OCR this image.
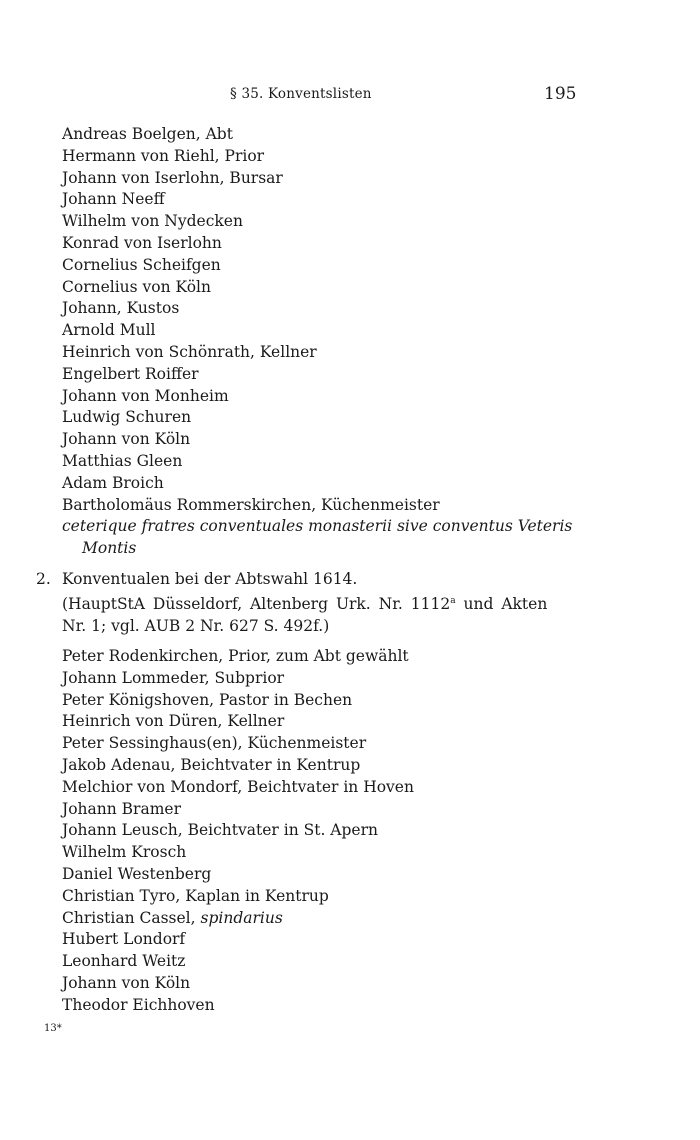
§ 35. Konventslisten	195
Andreas Boelgen, Abt
Hermann von Riehl, Prior
Johann von Iserlohn, Bursar
Johann Neeff
Wilhelm von Nydecken
Konrad von Iserlohn
Cornelius Scheifgen
Cornelius von Köln
Johann, Kustos
Arnold Mull
Heinrich von Schönrath, Kellner
Engelbert Roiffer
Johann von Monheim
Ludwig Schuren
Johann von Köln
Matthias Gleen
Adam Broich
Bartholomäus Rommerskirchen, Küchenmeister
ceterique fratres conventuales monasterii sive conventus Veteris
Montis
2. Konventualen bei der Abtswahl 1614.
(HauptStA Düsseldorf, Altenberg Urk. Nr. 1112$^a$ und Akten
Nr. 1; vgl. AUB 2 Nr. 627 S. 492f.)
Peter Rodenkirchen, Prior, zum Abt gewählt
Johann Lommeder, Subprior
Peter Königshoven, Pastor in Bechen
Heinrich von Düren, Kellner
Peter Sessinghaus(en), Küchenmeister
Jakob Adenau, Beichtvater in Kentrup
Melchior von Mondorf, Beichtvater in Hoven
Johann Bramer
Johann Leusch, Beichtvater in St. Apern
Wilhelm Krosch
Daniel Westenberg
Christian Tyro, Kaplan in Kentrup
Christian Cassel, spindarius
Hubert Londorf
Leonhard Weitz
Johann von Köln
Theodor Eichhoven
13*
